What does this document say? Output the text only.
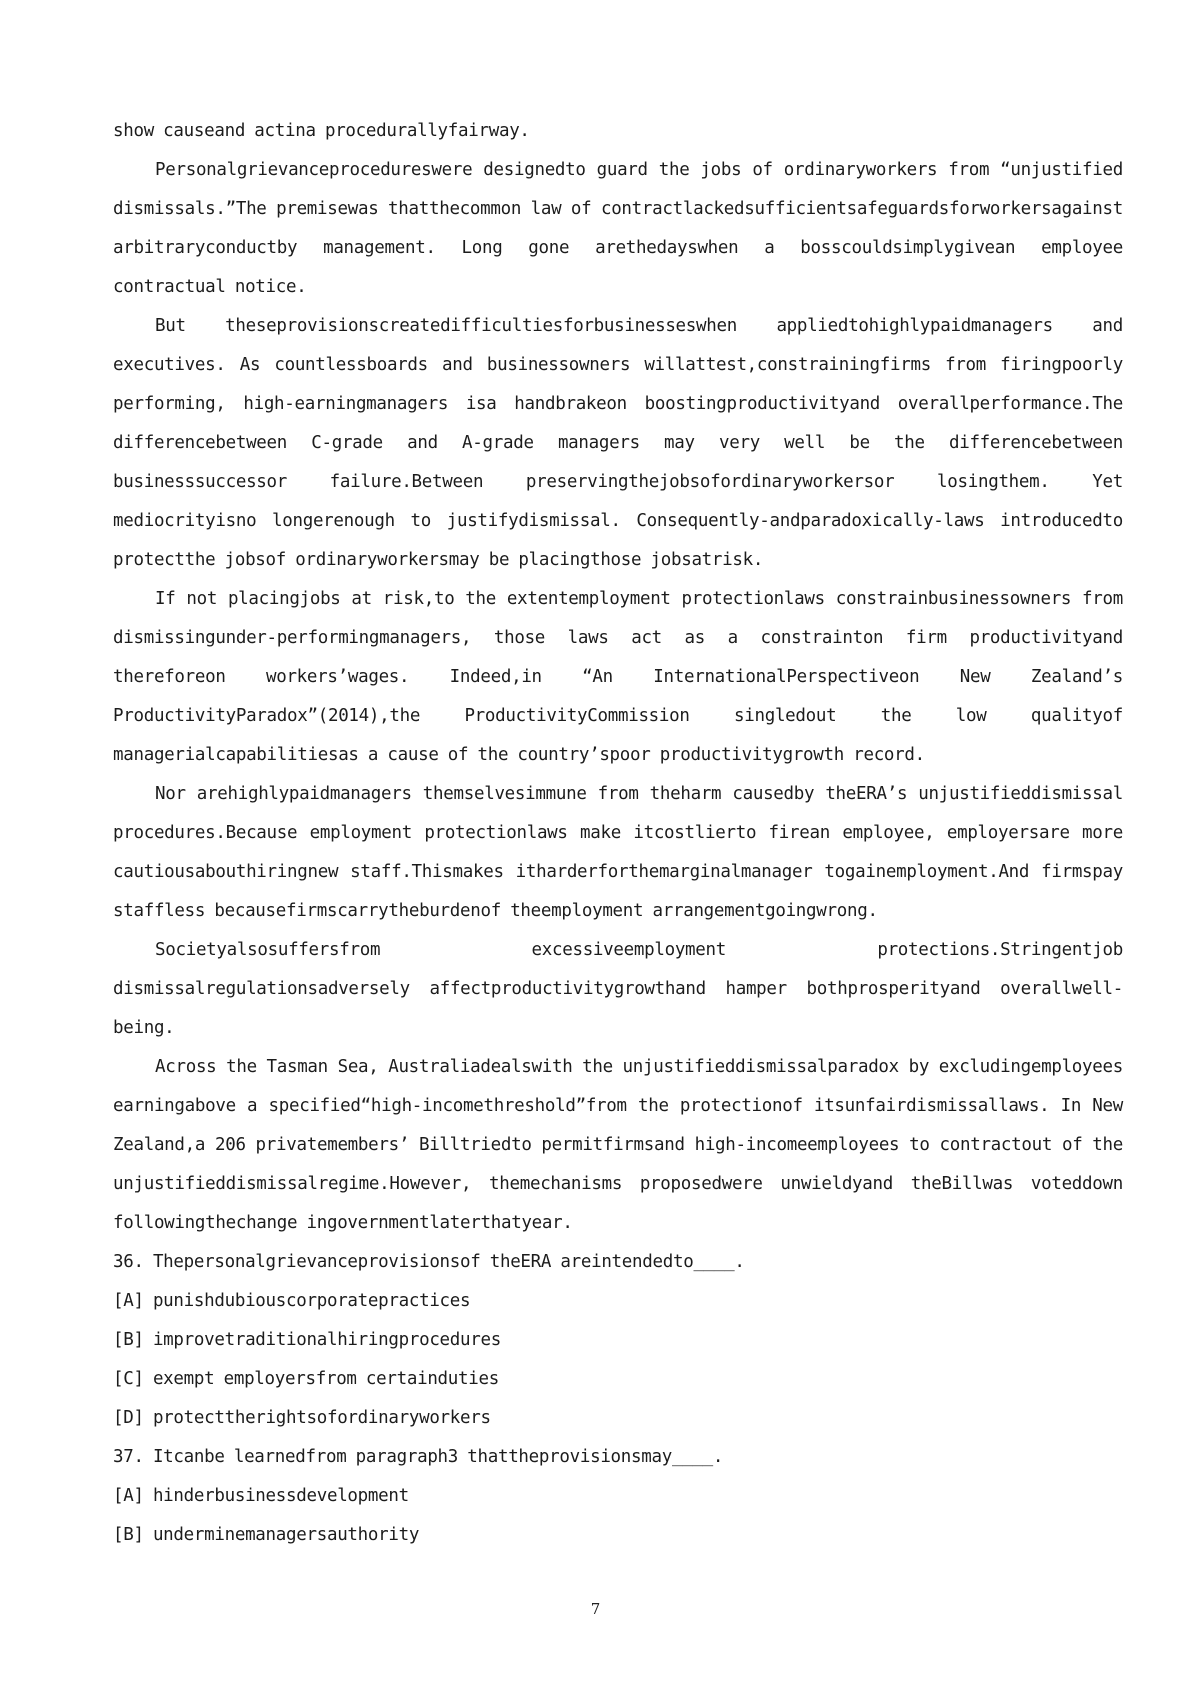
show causeand actina procedurallyfairway.

Personalgrievanceprocedureswere designedto guard the jobs of ordinaryworkers from “unjustified dismissals.”The premisewas thatthecommon law of contractlackedsufficientsafeguardsforworkersagainst arbitraryconductby management. Long gone arethedayswhen a bosscouldsimplygivean employee contractual notice.

But theseprovisionscreatedifficultiesforbusinesseswhen appliedtohighlypaidmanagers and executives. As countlessboards and businessowners willattest,constrainingfirms from firingpoorly performing, high-earningmanagers isa handbrakeon boostingproductivityand overallperformance.The differencebetween C-grade and A-grade managers may very well be the differencebetween businesssuccessor failure.Between preservingthejobsofordinaryworkersor losingthem. Yet mediocrityisno longerenough to justifydismissal. Consequently-andparadoxically-laws introducedto protectthe jobsof ordinaryworkersmay be placingthose jobsatrisk.

If not placingjobs at risk,to the extentemployment protectionlaws constrainbusinessowners from dismissingunder-performingmanagers, those laws act as a constrainton firm productivityand thereforeon workers’wages. Indeed,in “An InternationalPerspectiveon New Zealand’s ProductivityParadox”(2014),the ProductivityCommission singledout the low qualityof managerialcapabilitiesas a cause of the country’spoor productivitygrowth record.

Nor arehighlypaidmanagers themselvesimmune from theharm causedby theERA’s unjustifieddismissal procedures.Because employment protectionlaws make itcostlierto firean employee, employersare more cautiousabouthiringnew staff.Thismakes itharderforthemarginalmanager togainemployment.And firmspay staffless becausefirmscarrytheburdenof theemployment arrangementgoingwrong.

Societyalsosuffersfrom excessiveemployment protections.Stringentjob dismissalregulationsadversely affectproductivitygrowthand hamper bothprosperityand overallwell-being.

Across the Tasman Sea, Australiadealswith the unjustifieddismissalparadox by excludingemployees earningabove a specified“high-incomethreshold”from the protectionof itsunfairdismissallaws. In New Zealand,a 206 privatemembers’ Billtriedto permitfirmsand high-incomeemployees to contractout of the unjustifieddismissalregime.However, themechanisms proposedwere unwieldyand theBillwas voteddown followingthechange ingovernmentlaterthatyear.

36. Thepersonalgrievanceprovisionsof theERA areintendedto____.

[A] punishdubiouscorporatepractices

[B] improvetraditionalhiringprocedures

[C] exempt employersfrom certainduties

[D] protecttherightsofordinaryworkers

37. Itcanbe learnedfrom paragraph3 thattheprovisionsmay____.

[A] hinderbusinessdevelopment

[B] underminemanagersauthority

7
